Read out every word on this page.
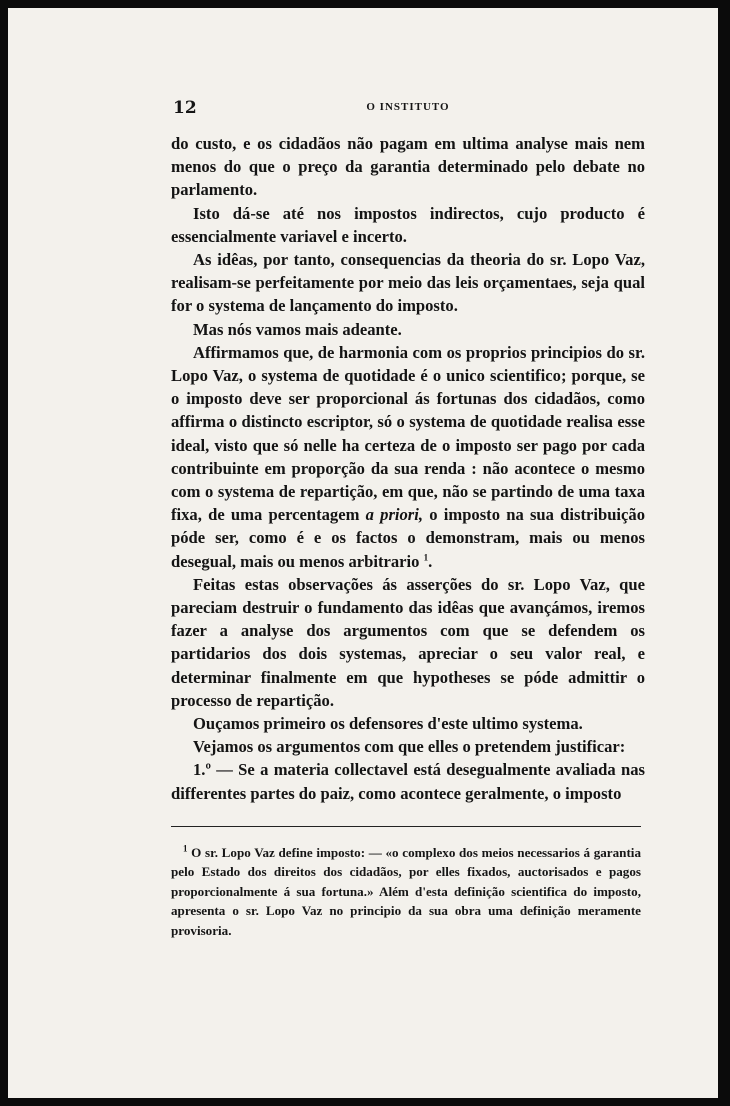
12	O INSTITUTO

do custo, e os cidadãos não pagam em ultima analyse mais nem menos do que o preço da garantia determinado pelo debate no parlamento.

Isto dá-se até nos impostos indirectos, cujo producto é essencialmente variavel e incerto.

As idêas, por tanto, consequencias da theoria do sr. Lopo Vaz, realisam-se perfeitamente por meio das leis orçamentaes, seja qual for o systema de lançamento do imposto.

Mas nós vamos mais adeante.

Affirmamos que, de harmonia com os proprios principios do sr. Lopo Vaz, o systema de quotidade é o unico scientifico; porque, se o imposto deve ser proporcional ás fortunas dos cidadãos, como affirma o distincto escriptor, só o systema de quotidade realisa esse ideal, visto que só nelle ha certeza de o imposto ser pago por cada contribuinte em proporção da sua renda : não acontece o mesmo com o systema de repartição, em que, não se partindo de uma taxa fixa, de uma percentagem a priori, o imposto na sua distribuição póde ser, como é e os factos o demonstram, mais ou menos desegual, mais ou menos arbitrario $^1$.

Feitas estas observações ás asserções do sr. Lopo Vaz, que pareciam destruir o fundamento das idêas que avançámos, iremos fazer a analyse dos argumentos com que se defendem os partidarios dos dois systemas, apreciar o seu valor real, e determinar finalmente em que hypotheses se póde admittir o processo de repartição.

Ouçamos primeiro os defensores d'este ultimo systema.

Vejamos os argumentos com que elles o pretendem justificar:

1.º — Se a materia collectavel está desegualmente avaliada nas differentes partes do paiz, como acontece geralmente, o imposto

$^1$ O sr. Lopo Vaz define imposto: — «o complexo dos meios necessarios á garantia pelo Estado dos direitos dos cidadãos, por elles fixados, auctorisados e pagos proporcionalmente á sua fortuna.» Além d'esta definição scientifica do imposto, apresenta o sr. Lopo Vaz no principio da sua obra uma definição meramente provisoria.
